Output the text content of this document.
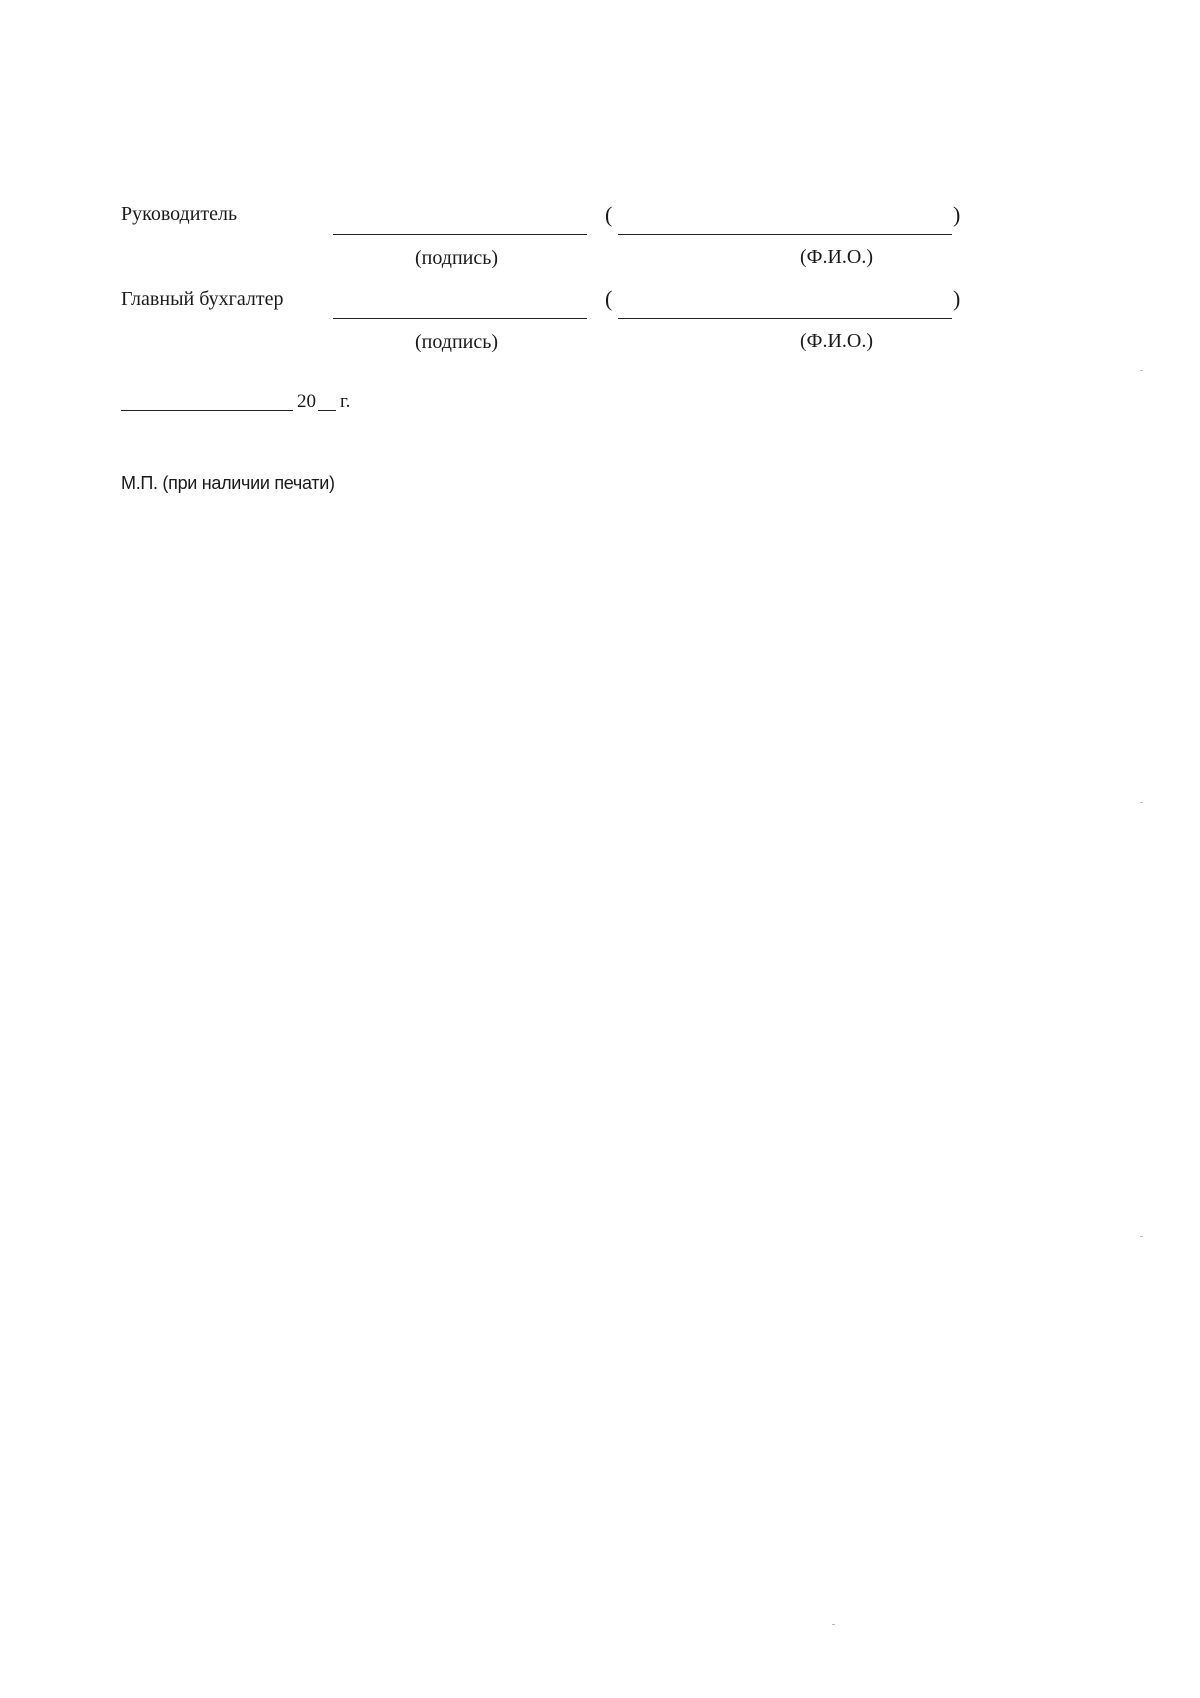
Руководитель	(	)
(подпись)	(Ф.И.О.)
Главный бухгалтер	(	)
(подпись)	(Ф.И.О.)
20 г.
М.П. (при наличии печати)
